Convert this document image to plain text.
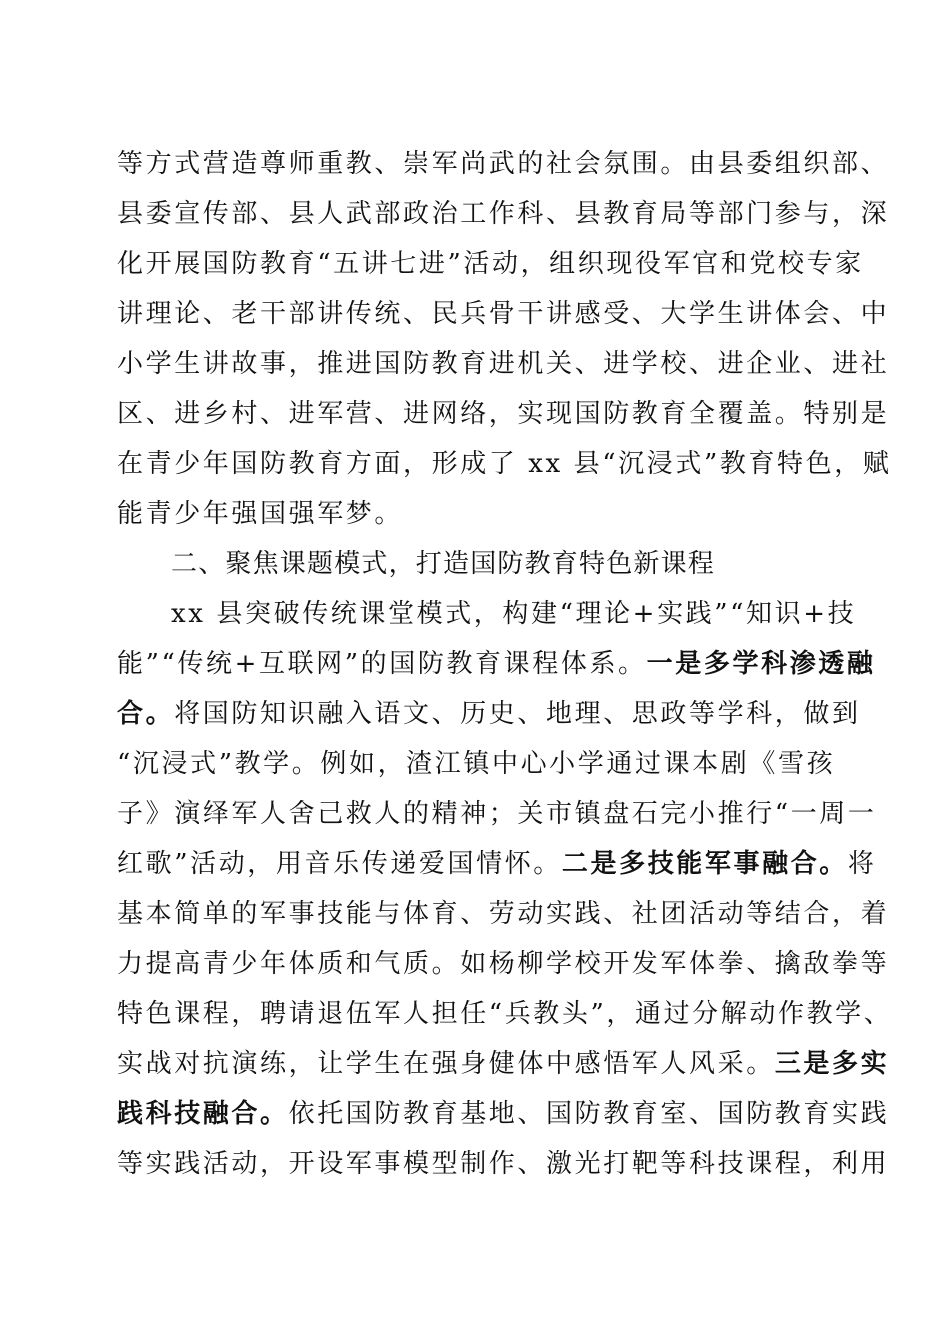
等方式营造尊师重教、崇军尚武的社会氛围。由县委组织部、
县委宣传部、县人武部政治工作科、县教育局等部门参与，深
化开展国防教育“五讲七进”活动，组织现役军官和党校专家
讲理论、老干部讲传统、民兵骨干讲感受、大学生讲体会、中
小学生讲故事，推进国防教育进机关、进学校、进企业、进社
区、进乡村、进军营、进网络，实现国防教育全覆盖。特别是
在青少年国防教育方面，形成了 xx 县“沉浸式”教育特色，赋
能青少年强国强军梦。
二、聚焦课题模式，打造国防教育特色新课程
xx 县突破传统课堂模式，构建“理论+实践”“知识+技
能”“传统+互联网”的国防教育课程体系。一是多学科渗透融
合。将国防知识融入语文、历史、地理、思政等学科，做到
“沉浸式”教学。例如，渣江镇中心小学通过课本剧《雪孩
子》演绎军人舍己救人的精神；关市镇盘石完小推行“一周一
红歌”活动，用音乐传递爱国情怀。二是多技能军事融合。将
基本简单的军事技能与体育、劳动实践、社团活动等结合，着
力提高青少年体质和气质。如杨柳学校开发军体拳、擒敌拳等
特色课程，聘请退伍军人担任“兵教头”，通过分解动作教学、
实战对抗演练，让学生在强身健体中感悟军人风采。三是多实
践科技融合。依托国防教育基地、国防教育室、国防教育实践
等实践活动，开设军事模型制作、激光打靶等科技课程，利用
